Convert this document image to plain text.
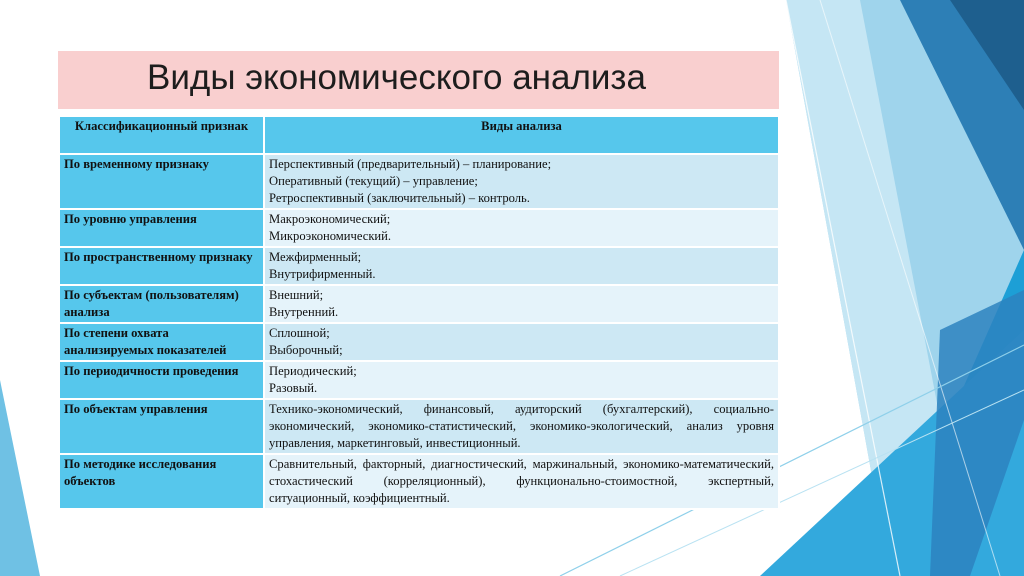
Виды экономического анализа
Классификационный признак	Виды анализа
По временному признаку	Перспективный (предварительный) – планирование;
Оперативный (текущий) – управление;
Ретроспективный (заключительный) – контроль.

По уровню управления	Макроэкономический;
Микроэкономический.

По пространственному признаку	Межфирменный;
Внутрифирменный.

По субъектам (пользователям) анализа	Внешний;
Внутренний.

По степени охвата анализируемых показателей	Сплошной;
Выборочный;

По периодичности проведения	Периодический;
Разовый.

По объектам управления	Технико-экономический, финансовый, аудиторский (бухгалтерский), социально-экономический, экономико-статистический, экономико-экологический, анализ уровня управления, маркетинговый, инвестиционный.
По методике исследования объектов	Сравнительный, факторный, диагностический, маржинальный, экономико-математический, стохастический (корреляционный), функционально-стоимостной, экспертный, ситуационный, коэффициентный.
